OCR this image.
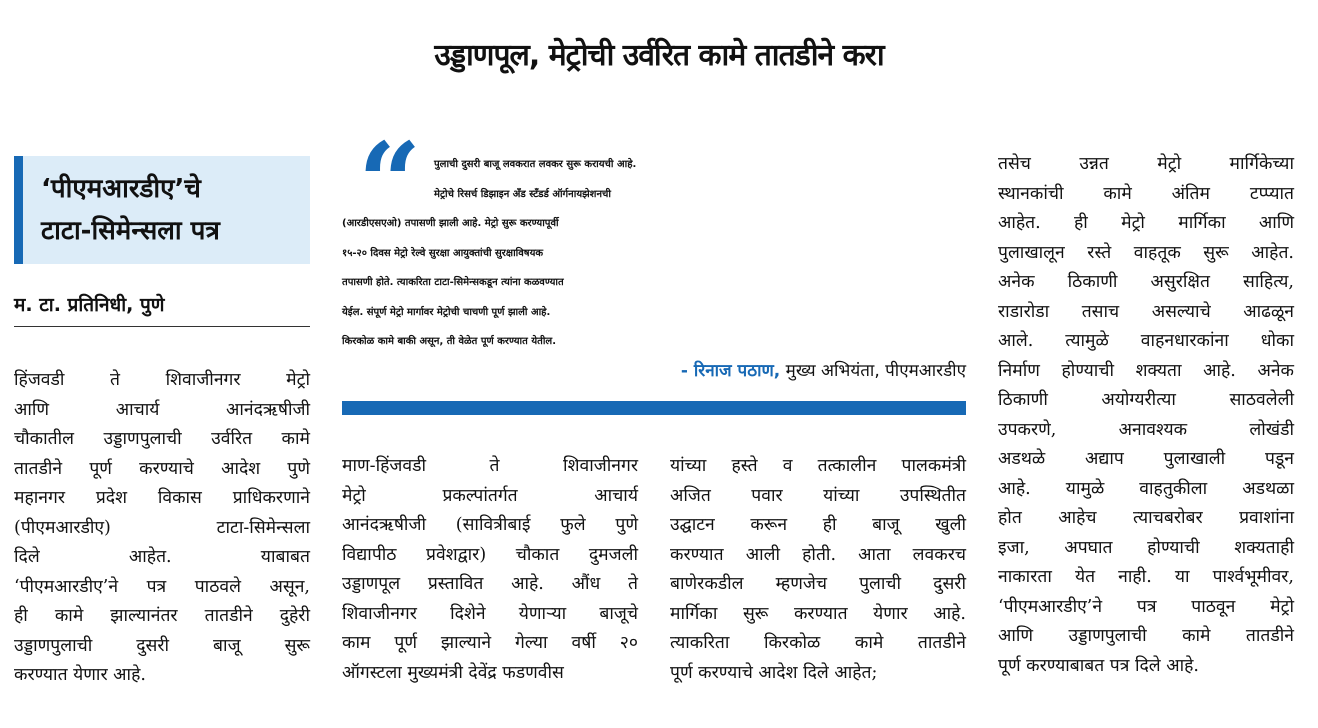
उड्डाणपूल, मेट्रोची उर्वरित कामे तातडीने करा
‘पीएमआरडीए’चे
टाटा-सिमेन्सला पत्र
म. टा. प्रतिनिधी, पुणे
हिंजवडी ते शिवाजीनगर मेट्रो
आणि आचार्य आनंदऋषीजी
चौकातील उड्डाणपुलाची उर्वरित कामे
तातडीने पूर्ण करण्याचे आदेश पुणे
महानगर प्रदेश विकास प्राधिकरणाने
(पीएमआरडीए) टाटा-सिमेन्सला
दिले आहेत. याबाबत
‘पीएमआरडीए’ने पत्र पाठवले असून,
ही कामे झाल्यानंतर तातडीने दुहेरी
उड्डाणपुलाची दुसरी बाजू सुरू
करण्यात येणार आहे.
“	पुलाची दुसरी बाजू लवकरात लवकर सुरू करायची आहे.
मेट्रोचे रिसर्च डिझाइन अँड स्टँडर्ड ऑर्गनायझेशनची
(आरडीएसएओ) तपासणी झाली आहे. मेट्रो सुरू करण्यापूर्वी
१५-२० दिवस मेट्रो रेल्वे सुरक्षा आयुक्तांची सुरक्षाविषयक
तपासणी होते. त्याकरिता टाटा-सिमेन्सकडून त्यांना कळवण्यात
येईल. संपूर्ण मेट्रो मार्गावर मेट्रोची चाचणी पूर्ण झाली आहे.
किरकोळ कामे बाकी असून, ती वेळेत पूर्ण करण्यात येतील.
- रिनाज पठाण, मुख्य अभियंता, पीएमआरडीए
माण-हिंजवडी ते शिवाजीनगर
मेट्रो प्रकल्पांतर्गत आचार्य
आनंदऋषीजी (सावित्रीबाई फुले पुणे
विद्यापीठ प्रवेशद्वार) चौकात दुमजली
उड्डाणपूल प्रस्तावित आहे. औंध ते
शिवाजीनगर दिशेने येणाऱ्या बाजूचे
काम पूर्ण झाल्याने गेल्या वर्षी २०
ऑगस्टला मुख्यमंत्री देवेंद्र फडणवीस
यांच्या हस्ते व तत्कालीन पालकमंत्री
अजित पवार यांच्या उपस्थितीत
उद्घाटन करून ही बाजू खुली
करण्यात आली होती. आता लवकरच
बाणेरकडील म्हणजेच पुलाची दुसरी
मार्गिका सुरू करण्यात येणार आहे.
त्याकरिता किरकोळ कामे तातडीने
पूर्ण करण्याचे आदेश दिले आहेत;
तसेच उन्नत मेट्रो मार्गिकेच्या
स्थानकांची कामे अंतिम टप्प्यात
आहेत. ही मेट्रो मार्गिका आणि
पुलाखालून रस्ते वाहतूक सुरू आहेत.
अनेक ठिकाणी असुरक्षित साहित्य,
राडारोडा तसाच असल्याचे आढळून
आले. त्यामुळे वाहनधारकांना धोका
निर्माण होण्याची शक्यता आहे. अनेक
ठिकाणी अयोग्यरीत्या साठवलेली
उपकरणे, अनावश्यक लोखंडी
अडथळे अद्याप पुलाखाली पडून
आहे. यामुळे वाहतुकीला अडथळा
होत आहेच त्याचबरोबर प्रवाशांना
इजा, अपघात होण्याची शक्यताही
नाकारता येत नाही. या पार्श्वभूमीवर,
‘पीएमआरडीए’ने पत्र पाठवून मेट्रो
आणि उड्डाणपुलाची कामे तातडीने
पूर्ण करण्याबाबत पत्र दिले आहे.
